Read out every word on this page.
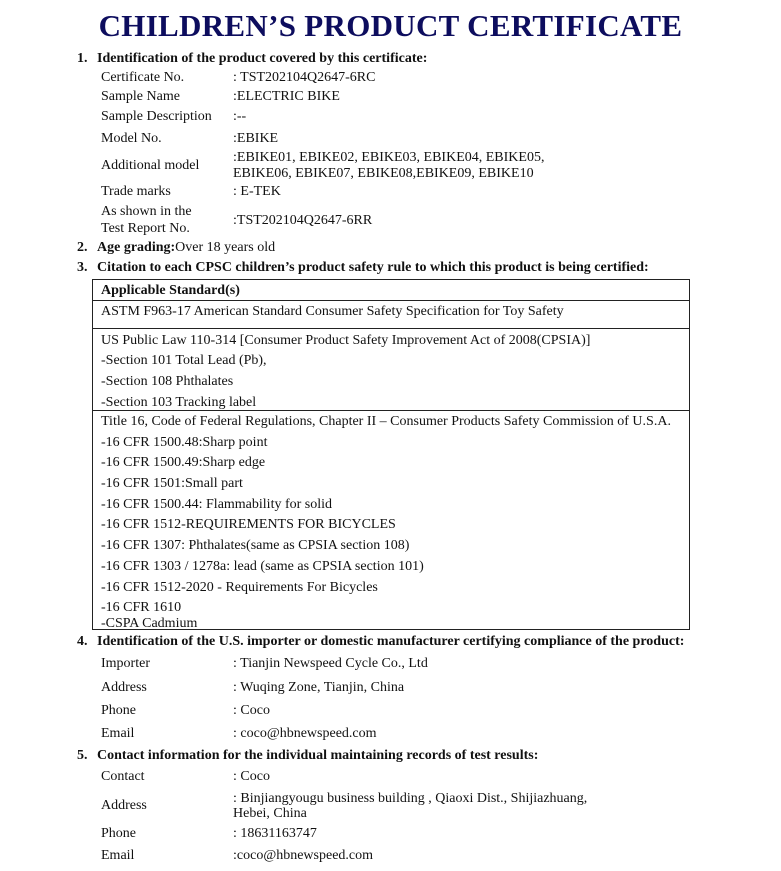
CHILDREN’S PRODUCT CERTIFICATE
1. Identification of the product covered by this certificate:
Certificate No.	: TST202104Q2647-6RC
Sample Name	:ELECTRIC BIKE
Sample Description :--
Model No.	:EBIKE
Additional model
:EBIKE01, EBIKE02, EBIKE03, EBIKE04, EBIKE05,
EBIKE06, EBIKE07, EBIKE08,EBIKE09, EBIKE10
Trade marks	: E-TEK
As shown in the
Test Report No.
:TST202104Q2647-6RR
2. Age grading:Over 18 years old
3. Citation to each CPSC children’s product safety rule to which this product is being certified:
Applicable Standard(s)
ASTM F963-17 American Standard Consumer Safety Specification for Toy Safety
US Public Law 110-314 [Consumer Product Safety Improvement Act of 2008(CPSIA)]
-Section 101 Total Lead (Pb),
-Section 108 Phthalates
-Section 103 Tracking label
Title 16, Code of Federal Regulations, Chapter II – Consumer Products Safety Commission of U.S.A.
-16 CFR 1500.48:Sharp point
-16 CFR 1500.49:Sharp edge
-16 CFR 1501:Small part
-16 CFR 1500.44: Flammability for solid
-16 CFR 1512-REQUIREMENTS FOR BICYCLES
-16 CFR 1307: Phthalates(same as CPSIA section 108)
-16 CFR 1303 / 1278a: lead (same as CPSIA section 101)
-16 CFR 1512-2020 - Requirements For Bicycles
-16 CFR 1610
-CSPA Cadmium
4. Identification of the U.S. importer or domestic manufacturer certifying compliance of the product:
Importer	: Tianjin Newspeed Cycle Co., Ltd
Address	: Wuqing Zone, Tianjin, China
Phone	: Coco
Email	: coco@hbnewspeed.com
5. Contact information for the individual maintaining records of test results:
Contact	: Coco
Address	: Binjiangyougu business building , Qiaoxi Dist., Shijiazhuang,
Hebei, China
Phone	: 18631163747
Email	:coco@hbnewspeed.com
